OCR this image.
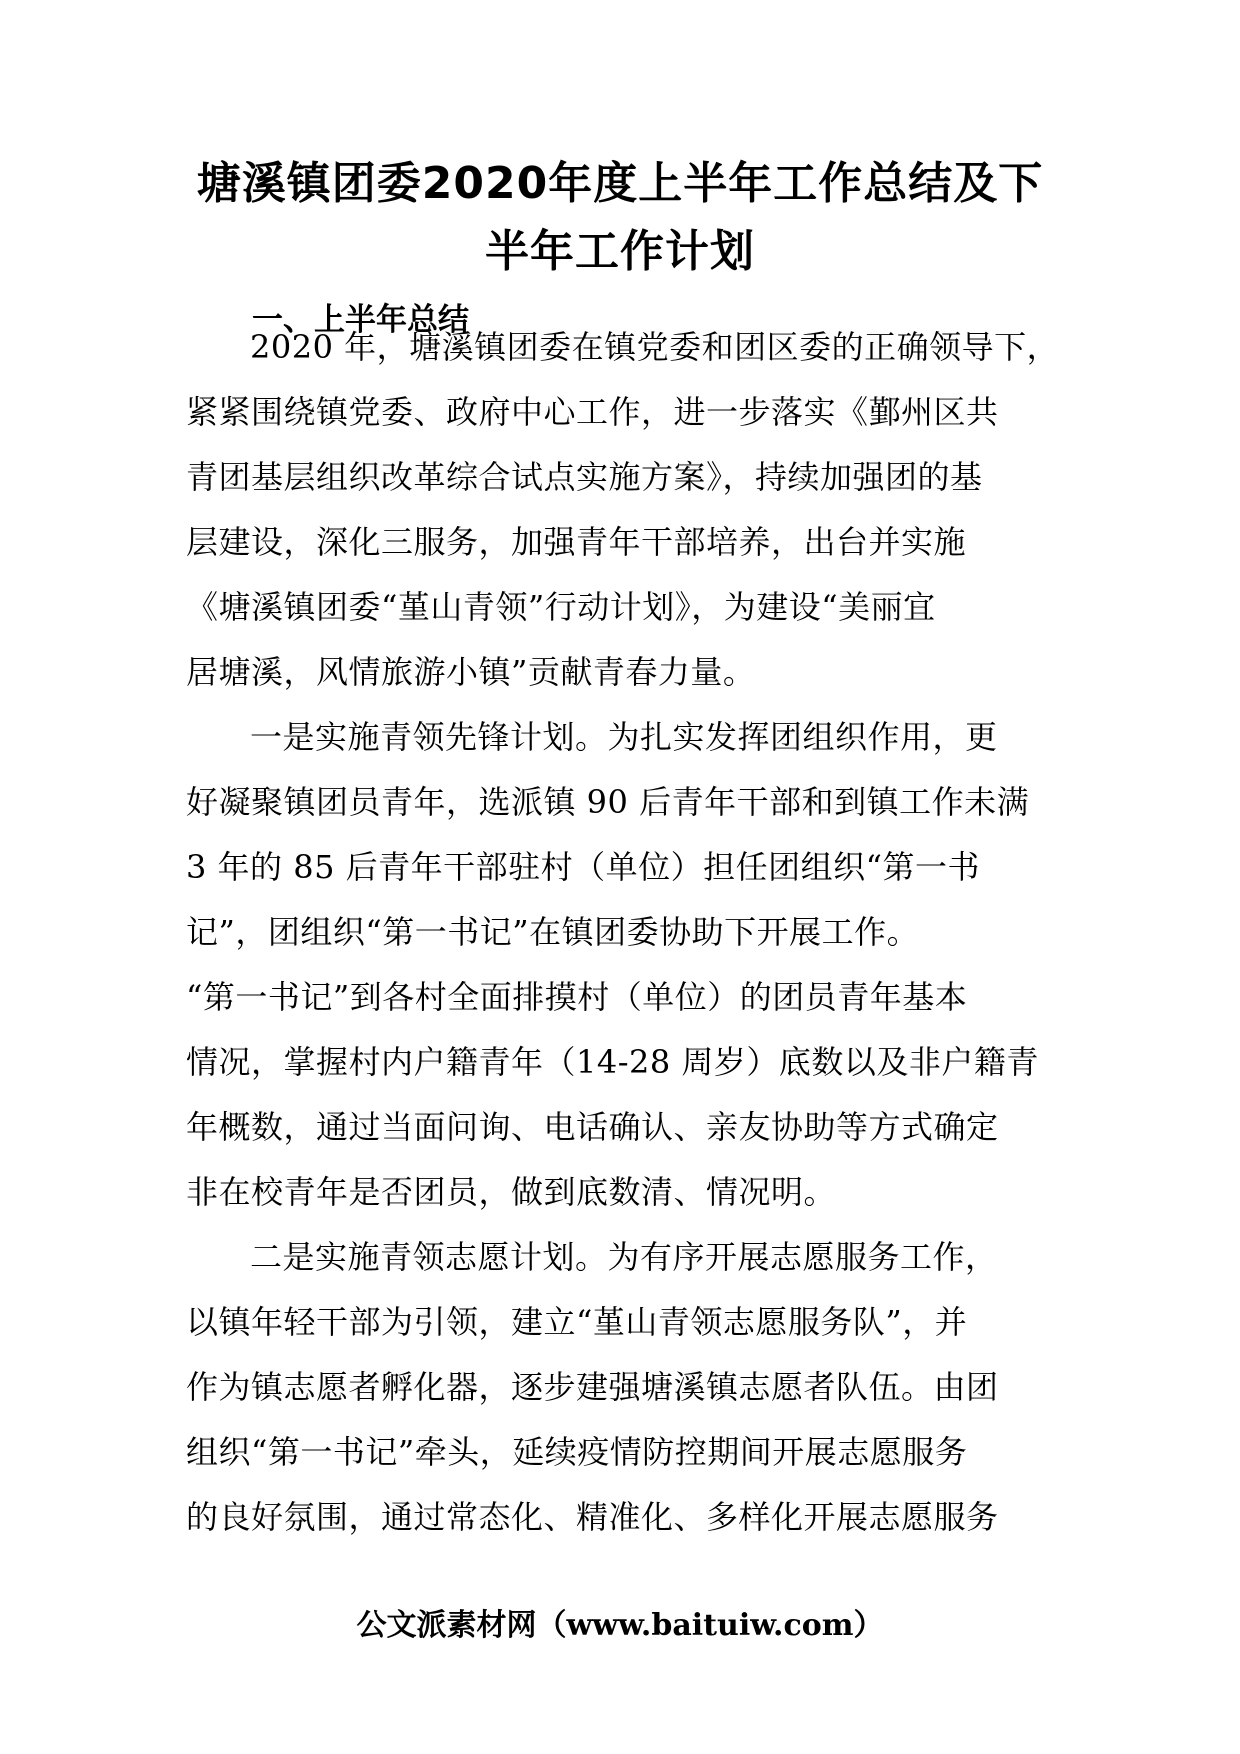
塘溪镇团委2020年度上半年工作总结及下
半年工作计划
一、上半年总结
2020 年，塘溪镇团委在镇党委和团区委的正确领导下，
紧紧围绕镇党委、政府中心工作，进一步落实《鄞州区共
青团基层组织改革综合试点实施方案》，持续加强团的基
层建设，深化三服务，加强青年干部培养，出台并实施
《塘溪镇团委“堇山青领”行动计划》，为建设“美丽宜
居塘溪，风情旅游小镇”贡献青春力量。
一是实施青领先锋计划。为扎实发挥团组织作用，更
好凝聚镇团员青年，选派镇 90 后青年干部和到镇工作未满
3 年的 85 后青年干部驻村（单位）担任团组织“第一书
记”，团组织“第一书记”在镇团委协助下开展工作。
“第一书记”到各村全面排摸村（单位）的团员青年基本
情况，掌握村内户籍青年（14-28 周岁）底数以及非户籍青
年概数，通过当面问询、电话确认、亲友协助等方式确定
非在校青年是否团员，做到底数清、情况明。
二是实施青领志愿计划。为有序开展志愿服务工作，
以镇年轻干部为引领，建立“堇山青领志愿服务队”，并
作为镇志愿者孵化器，逐步建强塘溪镇志愿者队伍。由团
组织“第一书记”牵头，延续疫情防控期间开展志愿服务
的良好氛围，通过常态化、精准化、多样化开展志愿服务
公文派素材网（www.baituiw.com）
